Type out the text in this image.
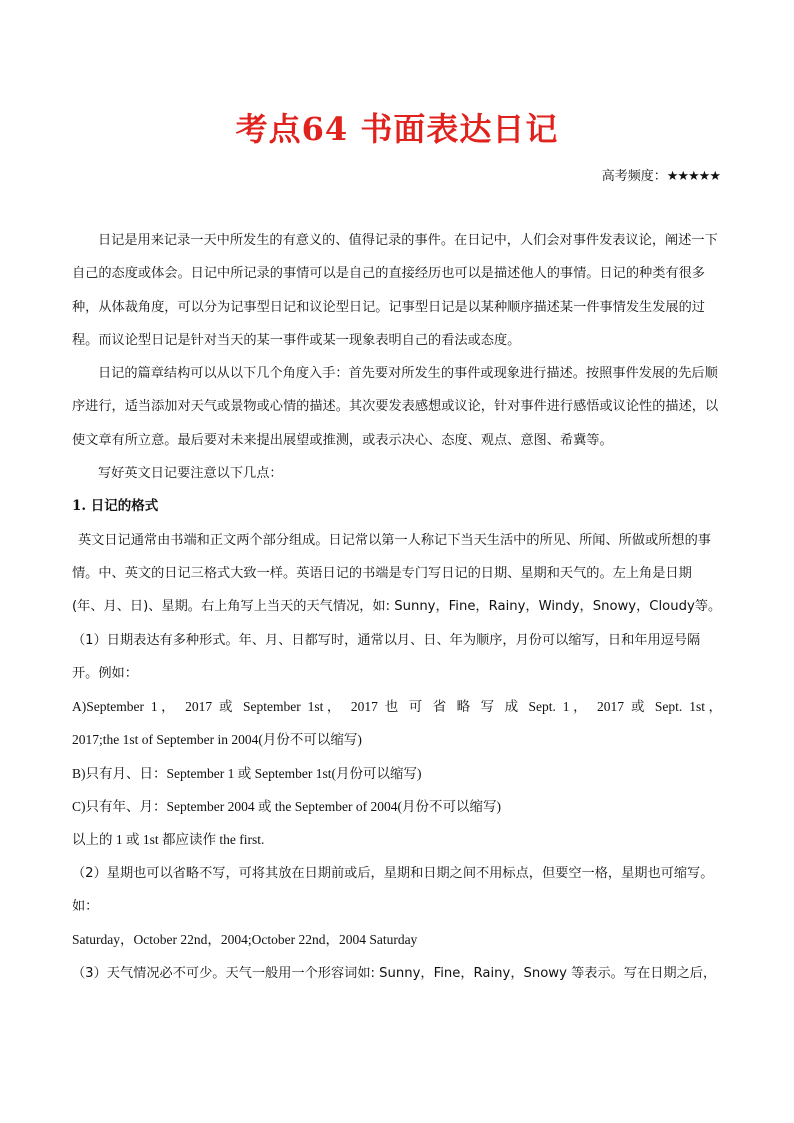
考点64 书面表达日记
高考频度：★★★★★

日记是用来记录一天中所发生的有意义的、值得记录的事件。在日记中，人们会对事件发表议论，阐述一下自己的态度或体会。日记中所记录的事情可以是自己的直接经历也可以是描述他人的事情。日记的种类有很多种，从体裁角度，可以分为记事型日记和议论型日记。记事型日记是以某种顺序描述某一件事情发生发展的过程。而议论型日记是针对当天的某一事件或某一现象表明自己的看法或态度。

日记的篇章结构可以从以下几个角度入手：首先要对所发生的事件或现象进行描述。按照事件发展的先后顺序进行，适当添加对天气或景物或心情的描述。其次要发表感想或议论，针对事件进行感悟或议论性的描述，以使文章有所立意。最后要对未来提出展望或推测，或表示决心、态度、观点、意图、希冀等。

写好英文日记要注意以下几点：

1. 日记的格式

英文日记通常由书端和正文两个部分组成。日记常以第一人称记下当天生活中的所见、所闻、所做或所想的事情。中、英文的日记三格式大致一样。英语日记的书端是专门写日记的日期、星期和天气的。左上角是日期(年、月、日)、星期。右上角写上当天的天气情况，如: Sunny，Fine，Rainy，Windy，Snowy，Cloudy等。

（1）日期表达有多种形式。年、月、日都写时，通常以月、日、年为顺序，月份可以缩写，日和年用逗号隔开。例如：

A)September 1， 2017 或 September 1st， 2017 也 可 省 略 写 成 Sept. 1， 2017 或 Sept. 1st，

2017;the 1st of September in 2004(月份不可以缩写)

B)只有月、日：September 1 或 September 1st(月份可以缩写)

C)只有年、月：September 2004 或 the September of 2004(月份不可以缩写)

以上的 1 或 1st 都应读作 the first.

（2）星期也可以省略不写，可将其放在日期前或后，星期和日期之间不用标点，但要空一格，星期也可缩写。如：

Saturday，October 22nd，2004;October 22nd，2004 Saturday

（3）天气情况必不可少。天气一般用一个形容词如: Sunny，Fine，Rainy，Snowy 等表示。写在日期之后，
